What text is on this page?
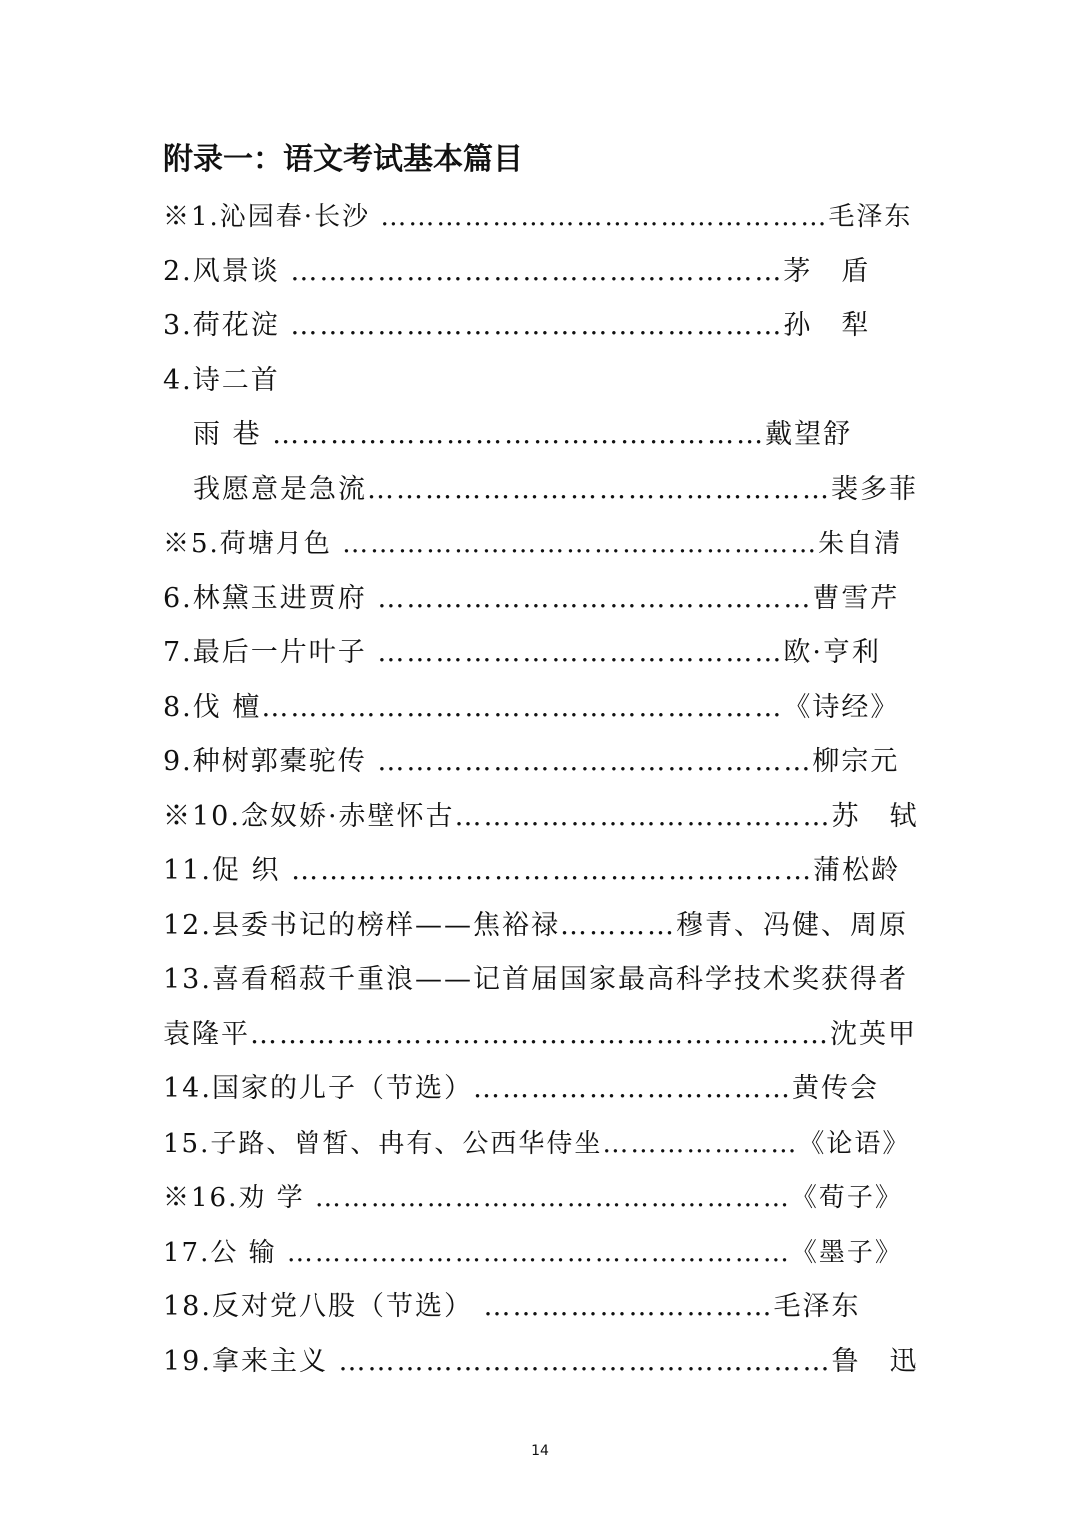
附录一：语文考试基本篇目
※1.沁园春·长沙 …………………………………………毛泽东
2.风景谈 ……………………………………………茅　盾
3.荷花淀 ……………………………………………孙　犁
4.诗二首
雨 巷 ……………………………………………戴望舒
我愿意是急流…………………………………………裴多菲
※5.荷塘月色 ……………………………………………朱自清
6.林黛玉进贾府 ………………………………………曹雪芹
7.最后一片叶子 ……………………………………欧·亨利
8.伐 檀………………………………………………《诗经》
9.种树郭橐驼传 ………………………………………柳宗元
※10.念奴娇·赤壁怀古…………………………………苏　轼
11.促 织 ………………………………………………蒲松龄
12.县委书记的榜样——焦裕禄…………穆青、冯健、周原
13.喜看稻菽千重浪——记首届国家最高科学技术奖获得者
袁隆平……………………………………………………沈英甲
14.国家的儿子（节选）……………………………黄传会
15.子路、曾皙、冉有、公西华侍坐…………………《论语》
※16.劝 学 ……………………………………………《荀子》
17.公 输 ………………………………………………《墨子》
18.反对党八股（节选） …………………………毛泽东
19.拿来主义 ……………………………………………鲁　迅
14
